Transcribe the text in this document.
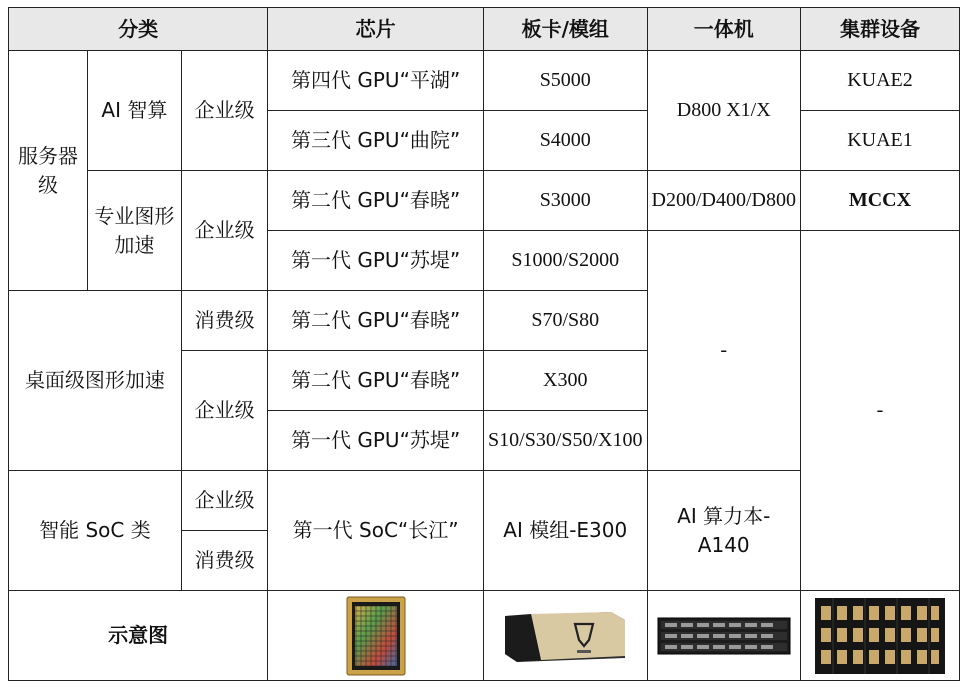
分类			芯片	板卡/模组	一体机	集群设备
服务器级	AI 智算	企业级	第四代 GPU“平湖”	S5000	D800 X1/X	KUAE2
			第三代 GPU“曲院”	S4000		KUAE1
	专业图形加速	企业级	第二代 GPU“春晓”	S3000	D200/D400/D800	MCCX
			第一代 GPU“苏堤”	S1000/S2000	-	-
桌面级图形加速		消费级	第二代 GPU“春晓”	S70/S80		
		企业级	第二代 GPU“春晓”	X300		
			第一代 GPU“苏堤”	S10/S30/S50/X100		
智能 SoC 类		企业级	第一代 SoC“长江”	AI 模组-E300	AI 算力本-A140	
		消费级				
示意图	
